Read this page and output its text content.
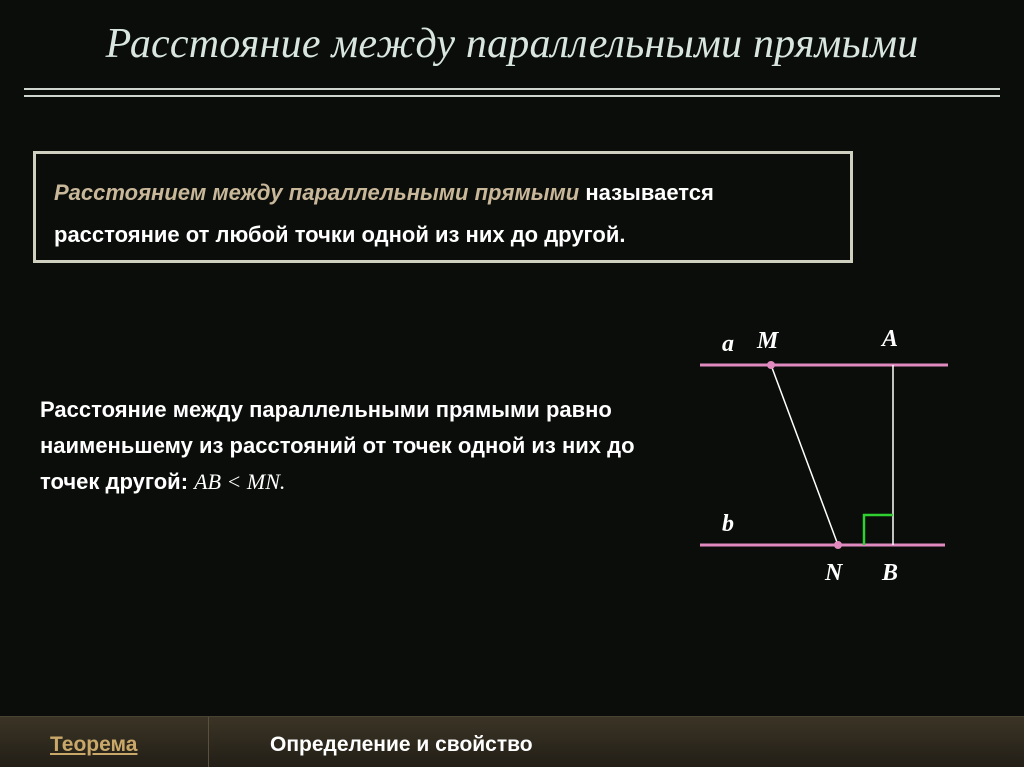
Расстояние между параллельными прямыми
Расстоянием между параллельными прямыми называется расстояние от любой точки одной из них до другой.
Расстояние между параллельными прямыми равно наименьшему из расстояний от точек одной из них до точек другой: AB < MN.
a M	A
b
N B
Теорема	Определение и свойство
